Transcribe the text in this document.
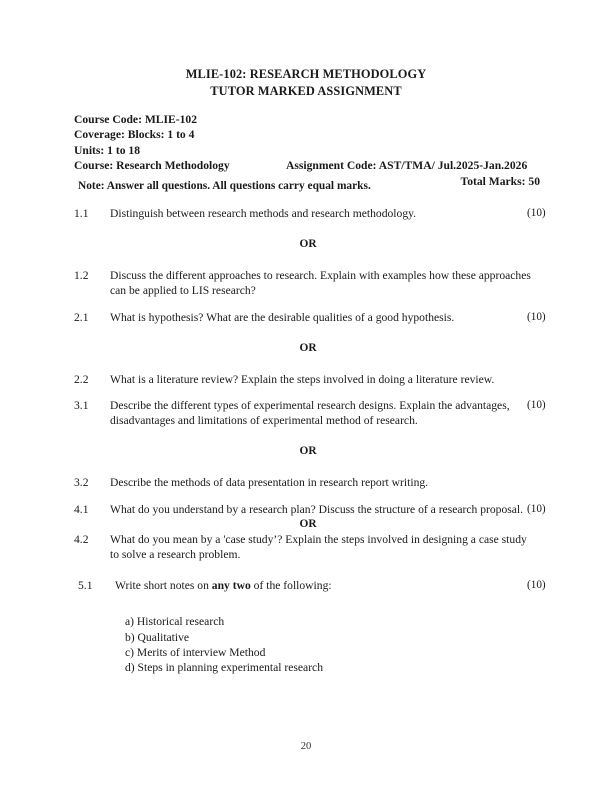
MLIE-102: RESEARCH METHODOLOGY
TUTOR MARKED ASSIGNMENT
Course Code: MLIE-102
Coverage: Blocks: 1 to 4
Units: 1 to 18
Course: Research Methodology	Assignment Code: AST/TMA/ Jul.2025-Jan.2026
Total Marks: 50
Note: Answer all questions. All questions carry equal marks.
1.1 Distinguish between research methods and research methodology.	(10)
OR
1.2 Discuss the different approaches to research. Explain with examples how these approaches can be applied to LIS research?
2.1 What is hypothesis? What are the desirable qualities of a good hypothesis.	(10)
OR
2.2 What is a literature review? Explain the steps involved in doing a literature review.
3.1 Describe the different types of experimental research designs. Explain the advantages, disadvantages and limitations of experimental method of research.
(10)
OR
3.2 Describe the methods of data presentation in research report writing.
4.1 What do you understand by a research plan? Discuss the structure of a research proposal. (10)
OR
4.2 What do you mean by a 'case study’? Explain the steps involved in designing a case study to solve a research problem.
5.1 Write short notes on any two of the following:	(10)
a) Historical research
b) Qualitative
c) Merits of interview Method
d) Steps in planning experimental research
20
